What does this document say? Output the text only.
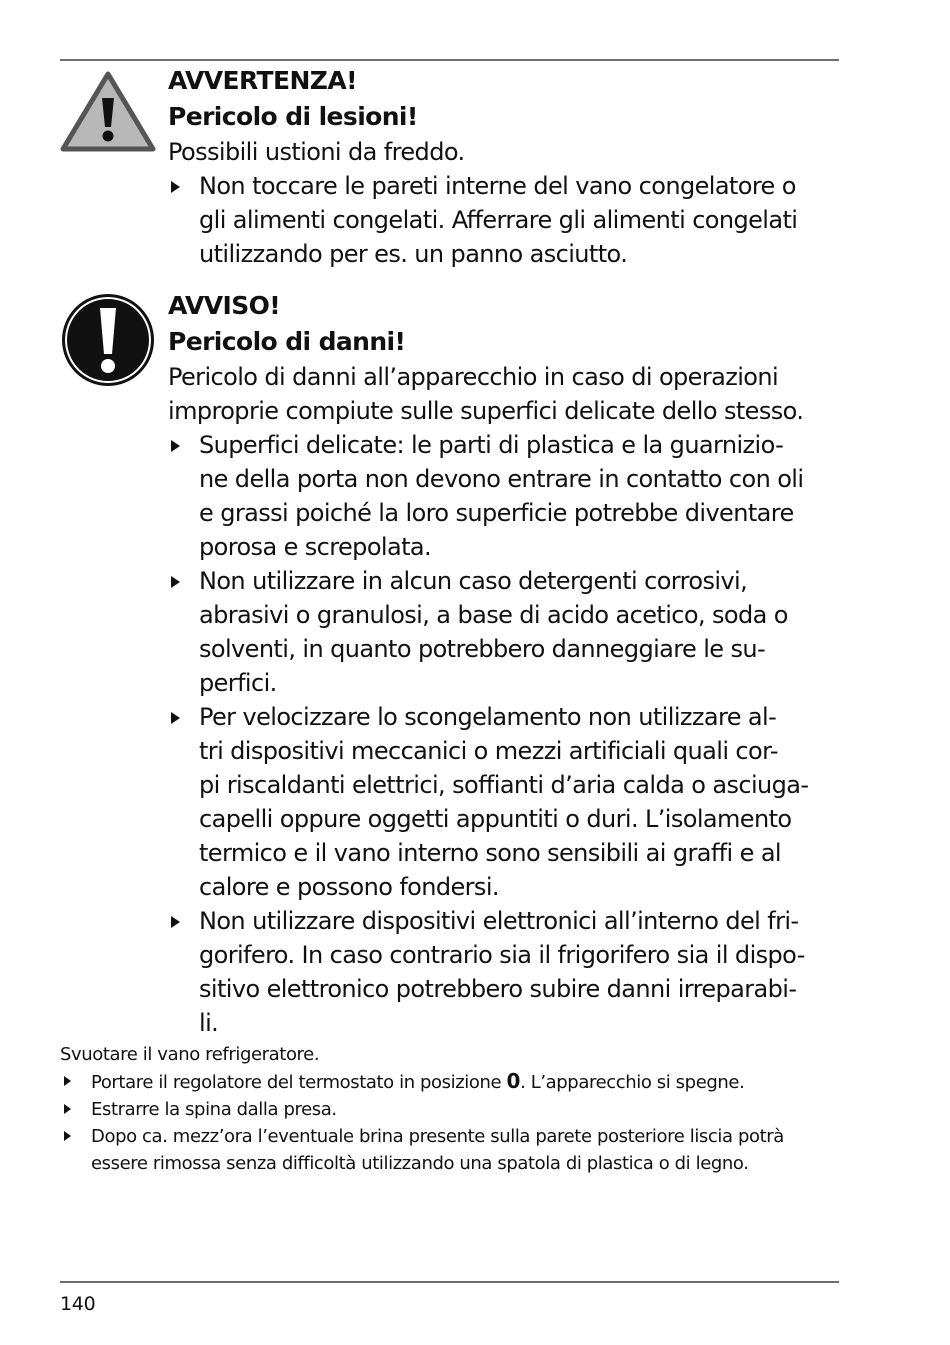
AVVERTENZA!
Pericolo di lesioni!
Possibili ustioni da freddo.
Non toccare le pareti interne del vano congelatore o
gli alimenti congelati. Afferrare gli alimenti congelati
utilizzando per es. un panno asciutto.
AVVISO!
Pericolo di danni!
Pericolo di danni all’apparecchio in caso di operazioni
improprie compiute sulle superfici delicate dello stesso.
Superfici delicate: le parti di plastica e la guarnizio-
ne della porta non devono entrare in contatto con oli
e grassi poiché la loro superficie potrebbe diventare
porosa e screpolata.
Non utilizzare in alcun caso detergenti corrosivi,
abrasivi o granulosi, a base di acido acetico, soda o
solventi, in quanto potrebbero danneggiare le su-
perfici.
Per velocizzare lo scongelamento non utilizzare al-
tri dispositivi meccanici o mezzi artificiali quali cor-
pi riscaldanti elettrici, soffianti d’aria calda o asciuga-
capelli oppure oggetti appuntiti o duri. L’isolamento
termico e il vano interno sono sensibili ai graffi e al
calore e possono fondersi.
Non utilizzare dispositivi elettronici all’interno del fri-
gorifero. In caso contrario sia il frigorifero sia il dispo-
sitivo elettronico potrebbero subire danni irreparabi-
li.
Svuotare il vano refrigeratore.
Portare il regolatore del termostato in posizione 0. L’apparecchio si spegne.
Estrarre la spina dalla presa.
Dopo ca. mezz’ora l’eventuale brina presente sulla parete posteriore liscia potrà
essere rimossa senza difficoltà utilizzando una spatola di plastica o di legno.
140
